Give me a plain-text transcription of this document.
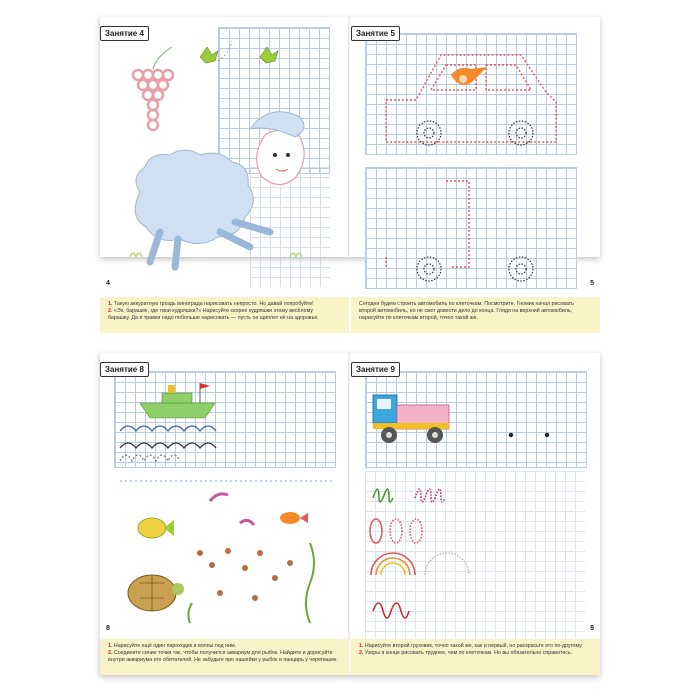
Занятие 4
4
Занятие 5
5
1. Такую аккуратную гроздь винограда нарисовать непросто. Но давай попробуйте!
2. «Эх, барашек, где твои кудряшки?» Нарисуйте скорее кудряшки этому весёлому
барашку. Да и травки надо побольше нарисовать — пусть он щиплет её на здоровье.
Сегодня будем строить автомобиль по клеточкам. Посмотрите, Гномик начал рисовать
второй автомобиль, но не смог довести дело до конца. Глядя на верхний автомобиль,
нарисуйте по клеточкам второй, точно такой же.
Занятие 8
8
Занятие 9
9
1. Нарисуйте ещё один пароходик и волны под ним.
2. Соедините синие точки так, чтобы получился аквариум для рыбок. Найдите и дорисуйте
внутри аквариума его обитателей. Не забудьте про нашейки у рыбок и панцирь у черепашек.
1. Нарисуйте второй грузовик, точно такой же, как и первый, но раскрасьте его по-другому.
2. Узоры в конце рисовать труднее, чем по клеточкам. Но вы обязательно справитесь.
